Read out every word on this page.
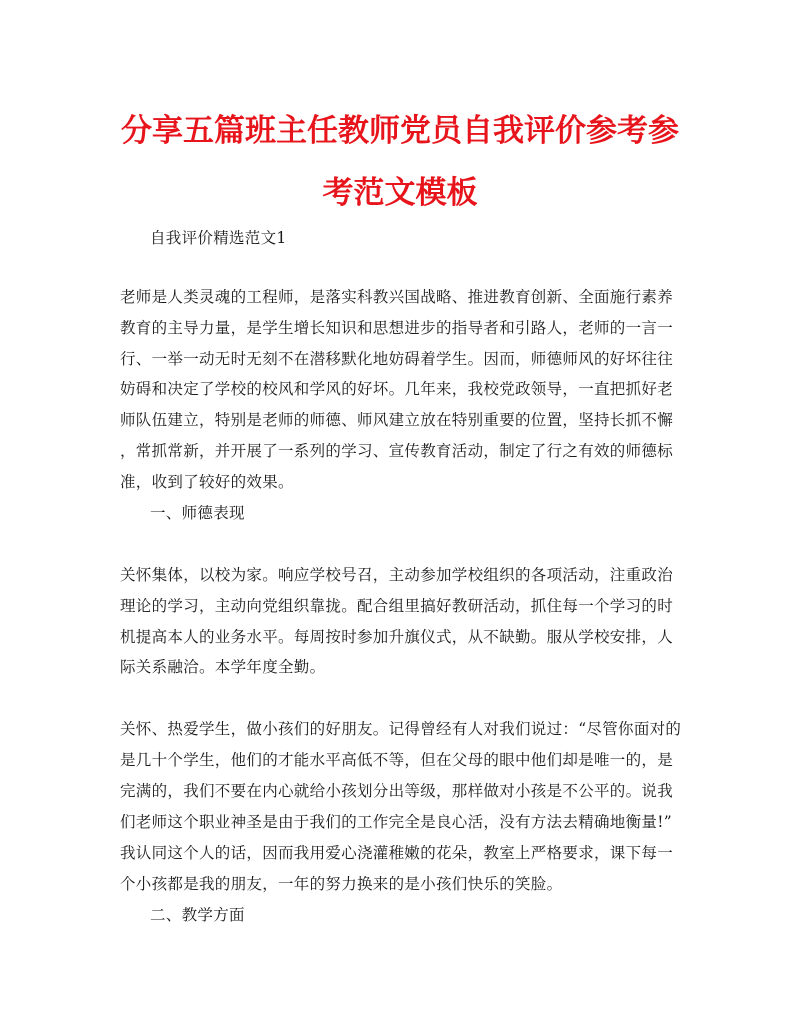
分享五篇班主任教师党员自我评价参考参
考范文模板
自我评价精选范文1
老师是人类灵魂的工程师，是落实科教兴国战略、推进教育创新、全面施行素养
教育的主导力量，是学生增长知识和思想进步的指导者和引路人，老师的一言一
行、一举一动无时无刻不在潜移默化地妨碍着学生。因而，师德师风的好坏往往
妨碍和决定了学校的校风和学风的好坏。几年来，我校党政领导，一直把抓好老
师队伍建立，特别是老师的师德、师风建立放在特别重要的位置，坚持长抓不懈
，常抓常新，并开展了一系列的学习、宣传教育活动，制定了行之有效的师德标
准，收到了较好的效果。
一、师德表现
关怀集体，以校为家。响应学校号召，主动参加学校组织的各项活动，注重政治
理论的学习，主动向党组织靠拢。配合组里搞好教研活动，抓住每一个学习的时
机提高本人的业务水平。每周按时参加升旗仪式，从不缺勤。服从学校安排，人
际关系融洽。本学年度全勤。
关怀、热爱学生，做小孩们的好朋友。记得曾经有人对我们说过：“尽管你面对的
是几十个学生，他们的才能水平高低不等，但在父母的眼中他们却是唯一的，是
完满的，我们不要在内心就给小孩划分出等级，那样做对小孩是不公平的。说我
们老师这个职业神圣是由于我们的工作完全是良心活，没有方法去精确地衡量!”
我认同这个人的话，因而我用爱心浇灌稚嫩的花朵，教室上严格要求，课下每一
个小孩都是我的朋友，一年的努力换来的是小孩们快乐的笑脸。
二、教学方面
